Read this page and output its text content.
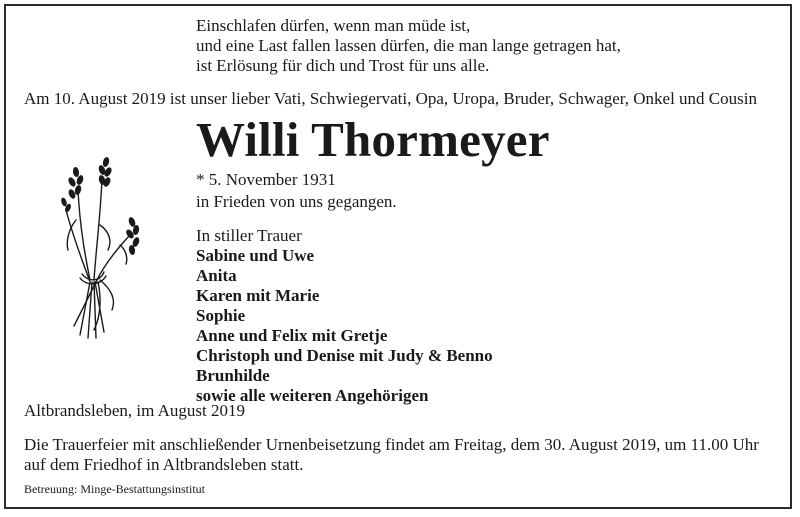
Einschlafen dürfen, wenn man müde ist,
und eine Last fallen lassen dürfen, die man lange getragen hat,
ist Erlösung für dich und Trost für uns alle.
Am 10. August 2019 ist unser lieber Vati, Schwiegervati, Opa, Uropa, Bruder, Schwager, Onkel und Cousin
Willi Thormeyer
* 5. November 1931
in Frieden von uns gegangen.
In stiller Trauer
Sabine und Uwe
Anita
Karen mit Marie
Sophie
Anne und Felix mit Gretje
Christoph und Denise mit Judy & Benno
Brunhilde
sowie alle weiteren Angehörigen
Altbrandsleben, im August 2019
Die Trauerfeier mit anschließender Urnenbeisetzung findet am Freitag, dem 30. August 2019, um 11.00 Uhr
auf dem Friedhof in Altbrandsleben statt.
Betreuung: Minge-Bestattungsinstitut
